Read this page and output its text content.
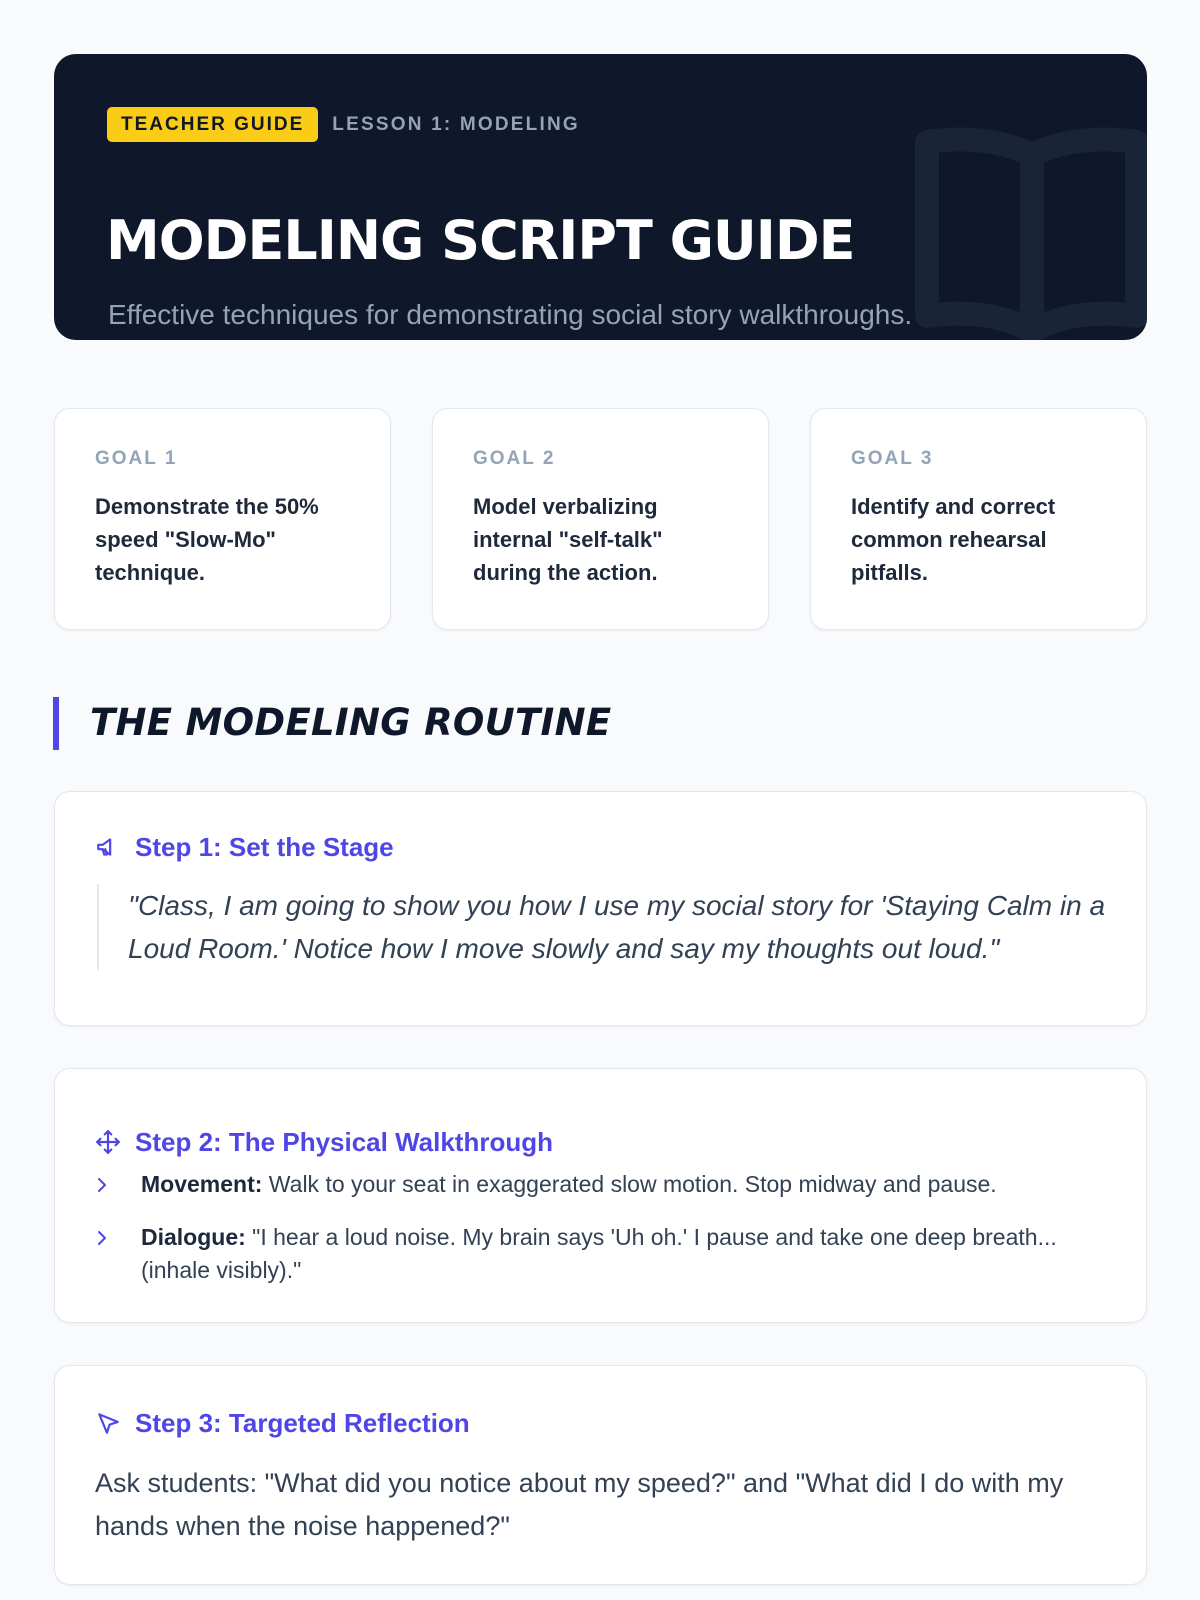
TEACHER GUIDE	LESSON 1: MODELING
MODELING SCRIPT GUIDE

Effective techniques for demonstrating social story walkthroughs.

GOAL 1
Demonstrate the 50% speed "Slow-Mo" technique.
GOAL 2
Model verbalizing internal "self-talk" during the action.
GOAL 3
Identify and correct common rehearsal pitfalls.
THE MODELING ROUTINE
Step 1: Set the Stage
"Class, I am going to show you how I use my social story for 'Staying Calm in a Loud Room.' Notice how I move slowly and say my thoughts out loud."
Step 2: The Physical Walkthrough
Movement: Walk to your seat in exaggerated slow motion. Stop midway and pause.
Dialogue: "I hear a loud noise. My brain says 'Uh oh.' I pause and take one deep breath... (inhale visibly)."
Step 3: Targeted Reflection
Ask students: "What did you notice about my speed?" and "What did I do with my hands when the noise happened?"
